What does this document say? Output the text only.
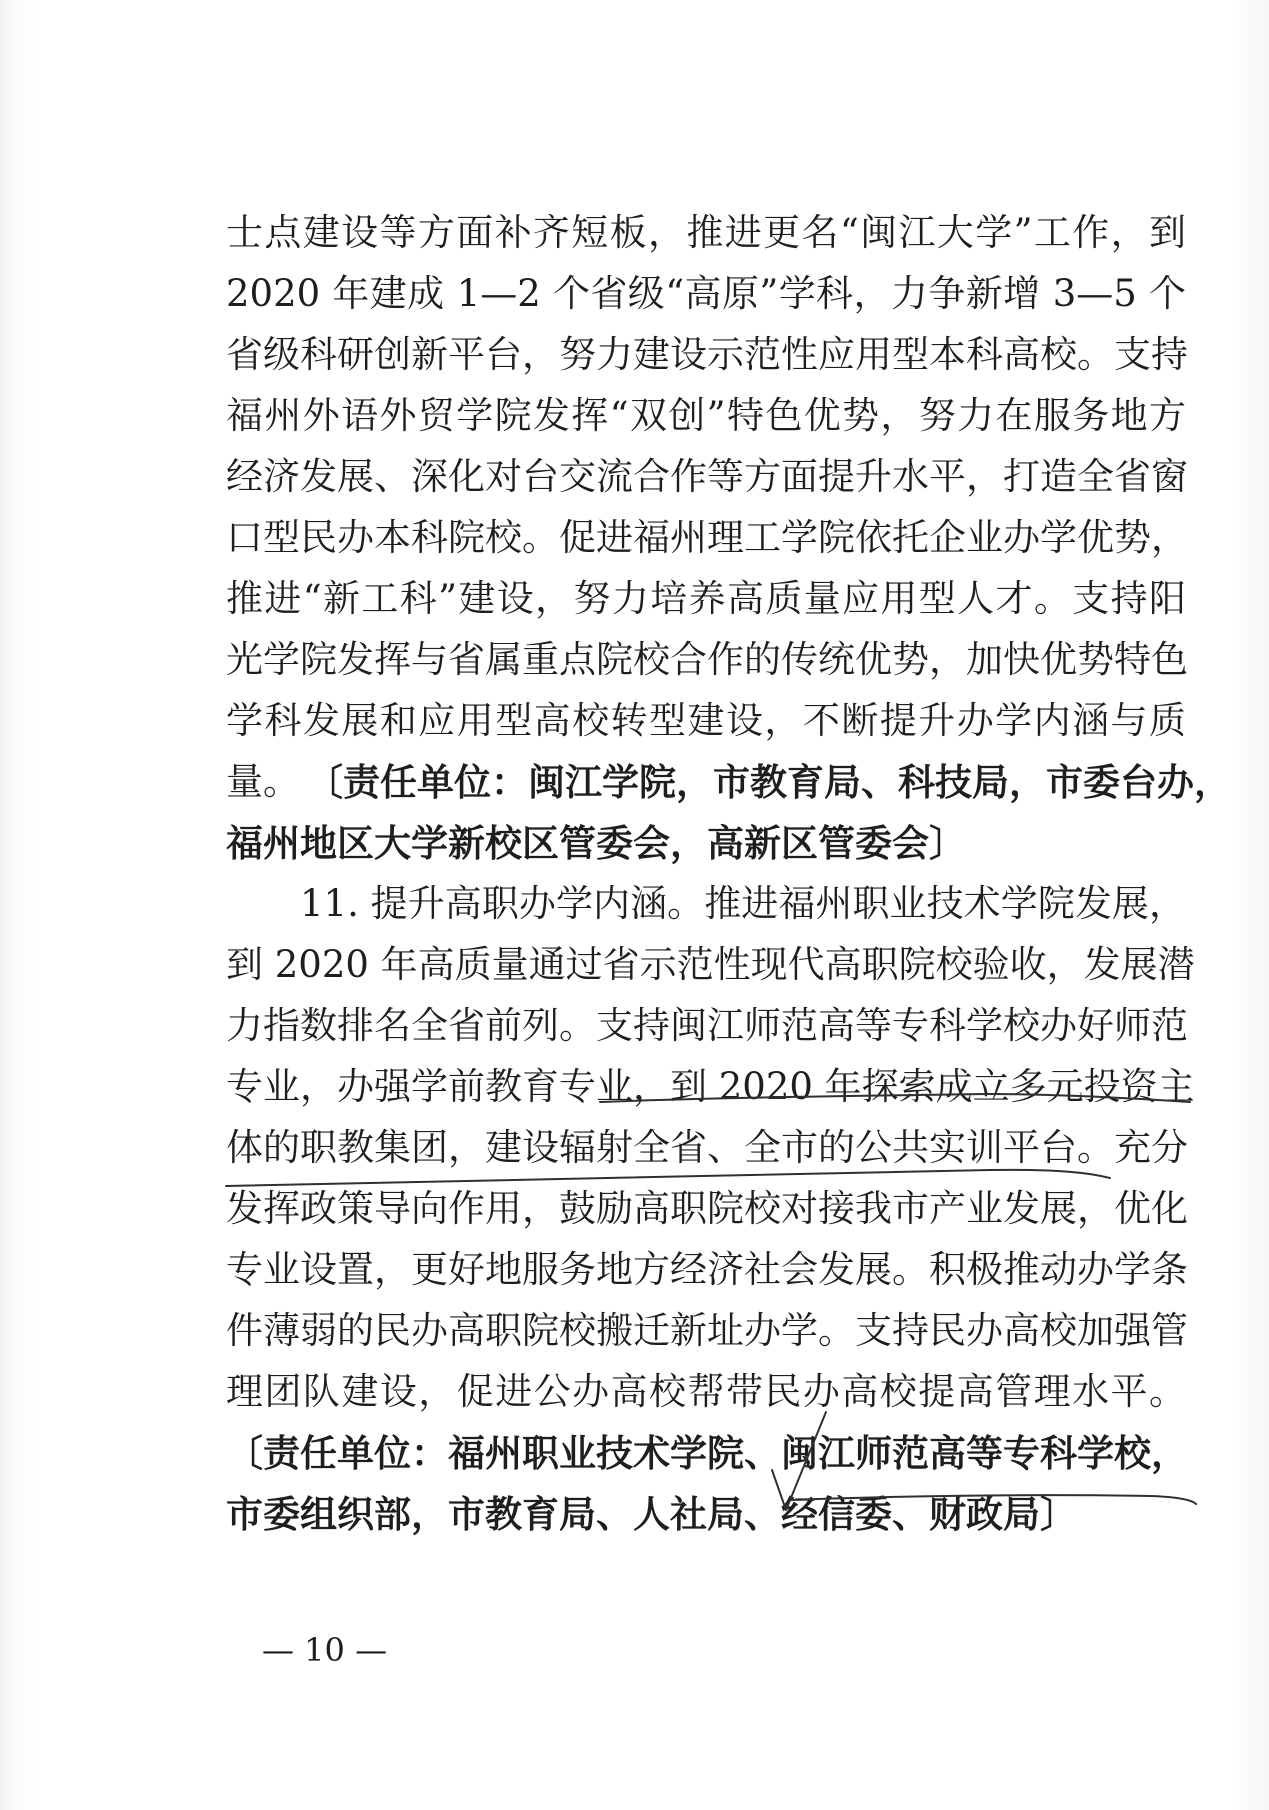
士点建设等方面补齐短板，推进更名“闽江大学”工作，到
2020 年建成 1—2 个省级“高原”学科，力争新增 3—5 个
省级科研创新平台，努力建设示范性应用型本科高校。支持
福州外语外贸学院发挥“双创”特色优势，努力在服务地方
经济发展、深化对台交流合作等方面提升水平，打造全省窗
口型民办本科院校。促进福州理工学院依托企业办学优势，
推进“新工科”建设，努力培养高质量应用型人才。支持阳
光学院发挥与省属重点院校合作的传统优势，加快优势特色
学科发展和应用型高校转型建设，不断提升办学内涵与质
量。 〔责任单位：闽江学院，市教育局、科技局，市委台办，
福州地区大学新校区管委会，高新区管委会〕
11. 提升高职办学内涵。推进福州职业技术学院发展，
到 2020 年高质量通过省示范性现代高职院校验收，发展潜
力指数排名全省前列。支持闽江师范高等专科学校办好师范
专业，办强学前教育专业，到 2020 年探索成立多元投资主
体的职教集团，建设辐射全省、全市的公共实训平台。充分
发挥政策导向作用，鼓励高职院校对接我市产业发展，优化
专业设置，更好地服务地方经济社会发展。积极推动办学条
件薄弱的民办高职院校搬迁新址办学。支持民办高校加强管
理团队建设，促进公办高校帮带民办高校提高管理水平。
〔责任单位：福州职业技术学院、闽江师范高等专科学校，
市委组织部，市教育局、人社局、经信委、财政局〕
— 10 —
